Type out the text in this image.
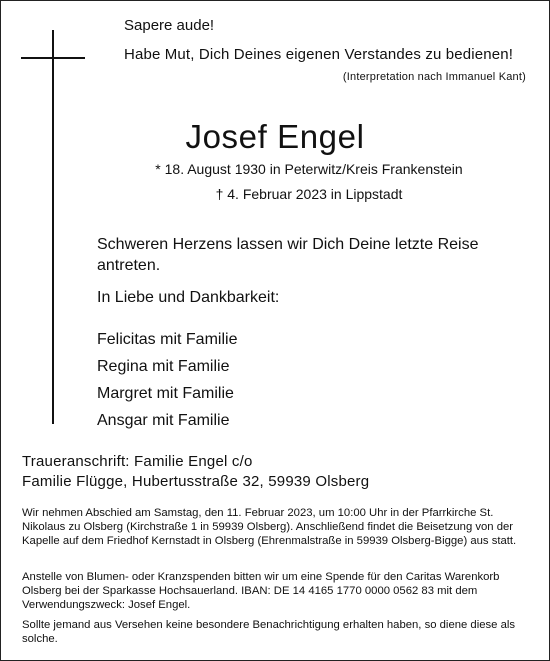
Sapere aude!
Habe Mut, Dich Deines eigenen Verstandes zu bedienen!
(Interpretation nach Immanuel Kant)
Josef Engel
* 18. August 1930 in Peterwitz/Kreis Frankenstein
† 4. Februar 2023 in Lippstadt
Schweren Herzens lassen wir Dich Deine letzte Reise antreten.
In Liebe und Dankbarkeit:
Felicitas mit Familie
Regina mit Familie
Margret mit Familie
Ansgar mit Familie
Traueranschrift: Familie Engel c/o
Familie Flügge, Hubertusstraße 32, 59939 Olsberg
Wir nehmen Abschied am Samstag, den 11. Februar 2023, um 10:00 Uhr in der Pfarrkirche St. Nikolaus zu Olsberg (Kirchstraße 1 in 59939 Olsberg). Anschließend findet die Beisetzung von der Kapelle auf dem Friedhof Kernstadt in Olsberg (Ehrenmalstraße in 59939 Olsberg-Bigge) aus statt.
Anstelle von Blumen- oder Kranzspenden bitten wir um eine Spende für den Caritas Warenkorb Olsberg bei der Sparkasse Hochsauerland. IBAN: DE 14 4165 1770 0000 0562 83 mit dem Verwendungszweck: Josef Engel.
Sollte jemand aus Versehen keine besondere Benachrichtigung erhalten haben, so diene diese als solche.
